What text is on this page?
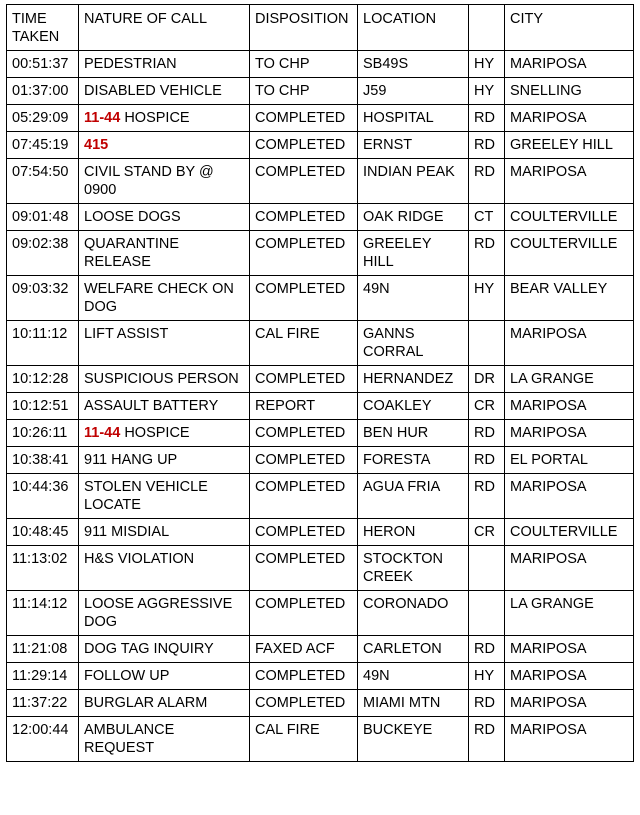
TIME TAKEN	NATURE OF CALL	DISPOSITION	LOCATION		CITY
00:51:37	PEDESTRIAN	TO CHP	SB49S	HY	MARIPOSA
01:37:00	DISABLED VEHICLE	TO CHP	J59	HY	SNELLING
05:29:09	11-44 HOSPICE	COMPLETED	HOSPITAL	RD	MARIPOSA
07:45:19	415	COMPLETED	ERNST	RD	GREELEY HILL
07:54:50	CIVIL STAND BY @ 0900	COMPLETED	INDIAN PEAK	RD	MARIPOSA
09:01:48	LOOSE DOGS	COMPLETED	OAK RIDGE	CT	COULTERVILLE
09:02:38	QUARANTINE RELEASE	COMPLETED	GREELEY HILL	RD	COULTERVILLE
09:03:32	WELFARE CHECK ON DOG	COMPLETED	49N	HY	BEAR VALLEY
10:11:12	LIFT ASSIST	CAL FIRE	GANNS CORRAL		MARIPOSA
10:12:28	SUSPICIOUS PERSON	COMPLETED	HERNANDEZ	DR	LA GRANGE
10:12:51	ASSAULT BATTERY	REPORT	COAKLEY	CR	MARIPOSA
10:26:11	11-44 HOSPICE	COMPLETED	BEN HUR	RD	MARIPOSA
10:38:41	911 HANG UP	COMPLETED	FORESTA	RD	EL PORTAL
10:44:36	STOLEN VEHICLE LOCATE	COMPLETED	AGUA FRIA	RD	MARIPOSA
10:48:45	911 MISDIAL	COMPLETED	HERON	CR	COULTERVILLE
11:13:02	H&S VIOLATION	COMPLETED	STOCKTON CREEK		MARIPOSA
11:14:12	LOOSE AGGRESSIVE DOG	COMPLETED	CORONADO		LA GRANGE
11:21:08	DOG TAG INQUIRY	FAXED ACF	CARLETON	RD	MARIPOSA
11:29:14	FOLLOW UP	COMPLETED	49N	HY	MARIPOSA
11:37:22	BURGLAR ALARM	COMPLETED	MIAMI MTN	RD	MARIPOSA
12:00:44	AMBULANCE REQUEST	CAL FIRE	BUCKEYE	RD	MARIPOSA
